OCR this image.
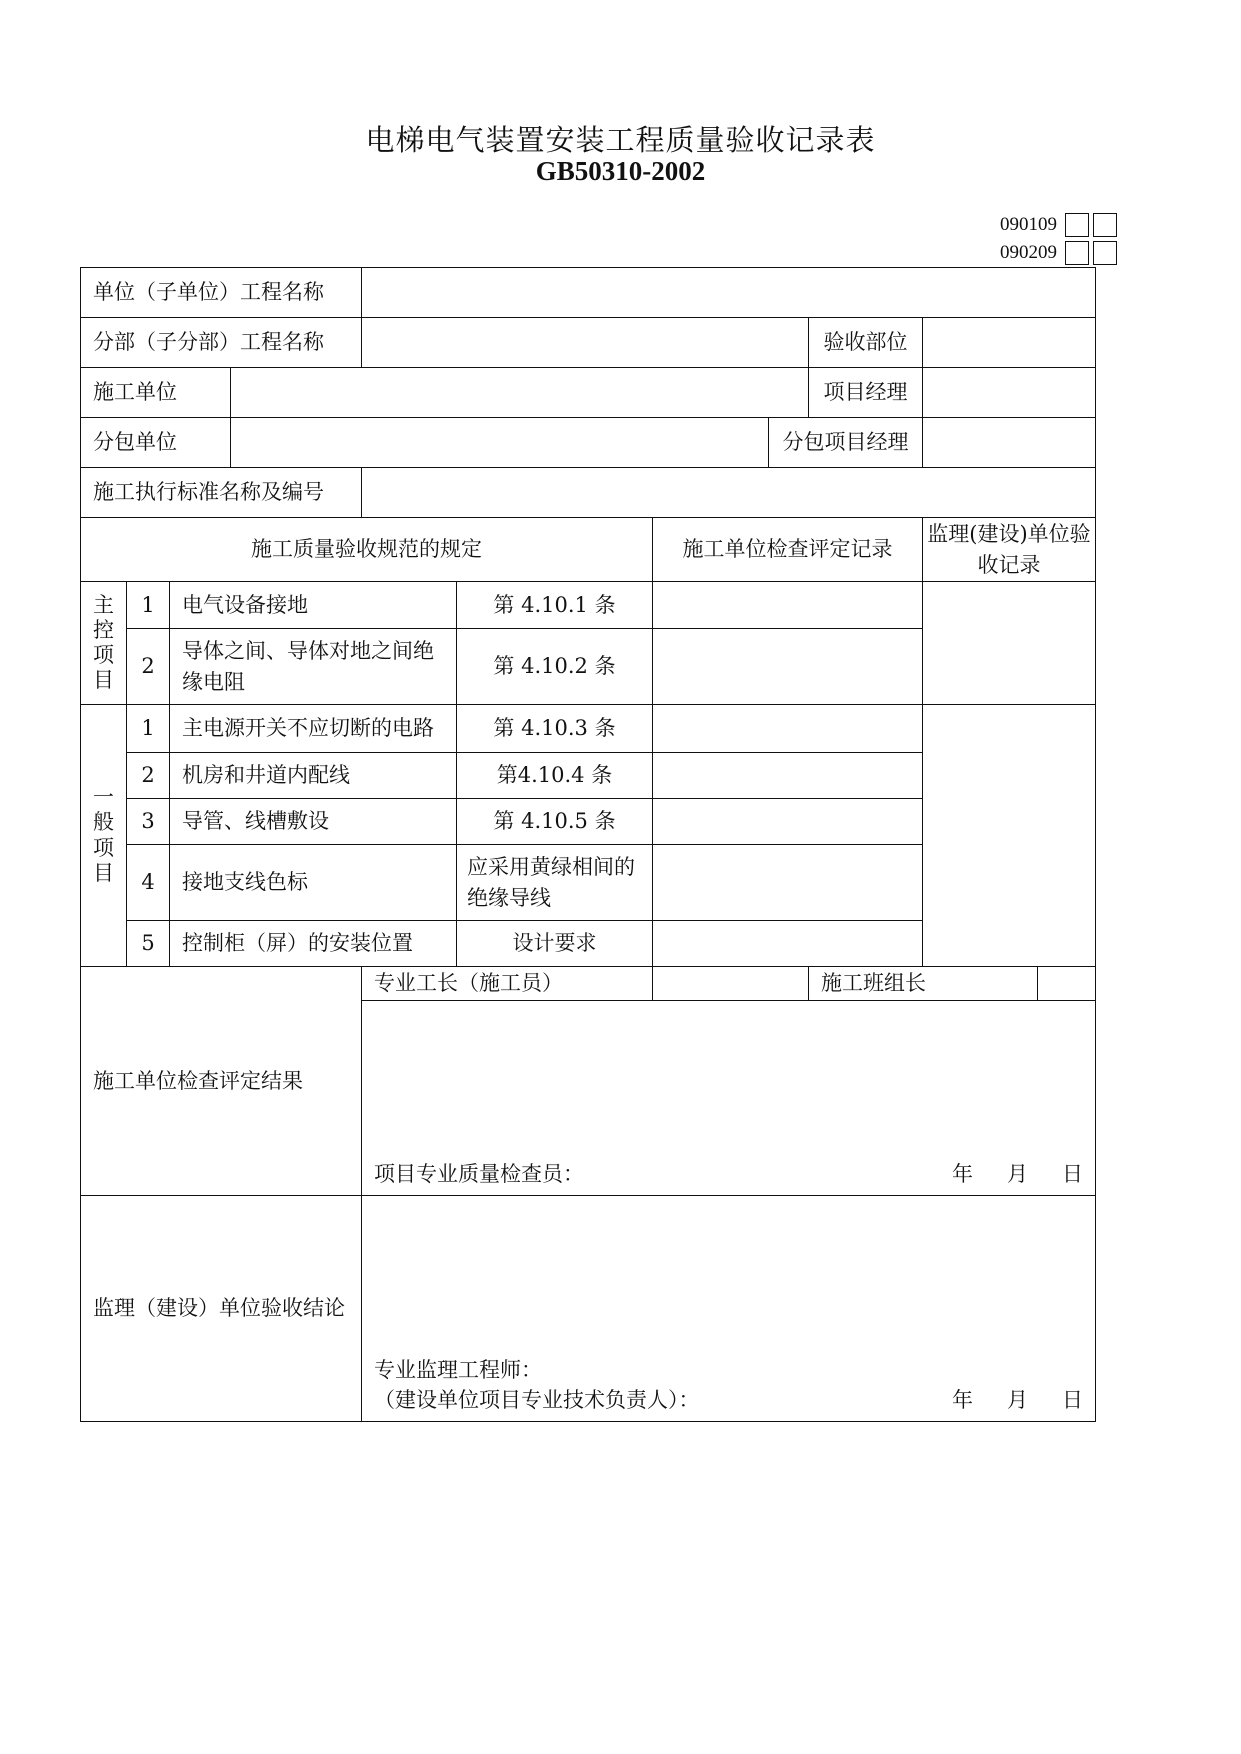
电梯电气装置安装工程质量验收记录表
GB50310‐2002
090109
090209
单位（子单位）工程名称										
分部（子分部）工程名称								验收部位		
施工单位								项目经理		
分包单位							分包项目经理			
施工执行标准名称及编号										
施工质量验收规范的规定						施工单位检查评定记录			监理(建设)单位验收记录	

主控项目	1	电气设备接地			第 4.10.1 条					
	2	导体之间、导体对地之间绝缘电阻			第 4.10.2 条					

一般项目	1	主电源开关不应切断的电路			第 4.10.3 条					
	2	机房和井道内配线			第4.10.4 条					
	3	导管、线槽敷设			第 4.10.5 条					
	4	接地支线色标			应采用黄绿相间的绝缘导线					
	5	控制柜（屏）的安装位置			设计要求					
施工单位检查评定结果				专业工长（施工员）				施工班组长		

				项目专业质量检查员： 年 月 日						

监理（建设）单位验收结论				专业监理工程师：
（建设单位项目专业技术负责人）： 年 月 日						
